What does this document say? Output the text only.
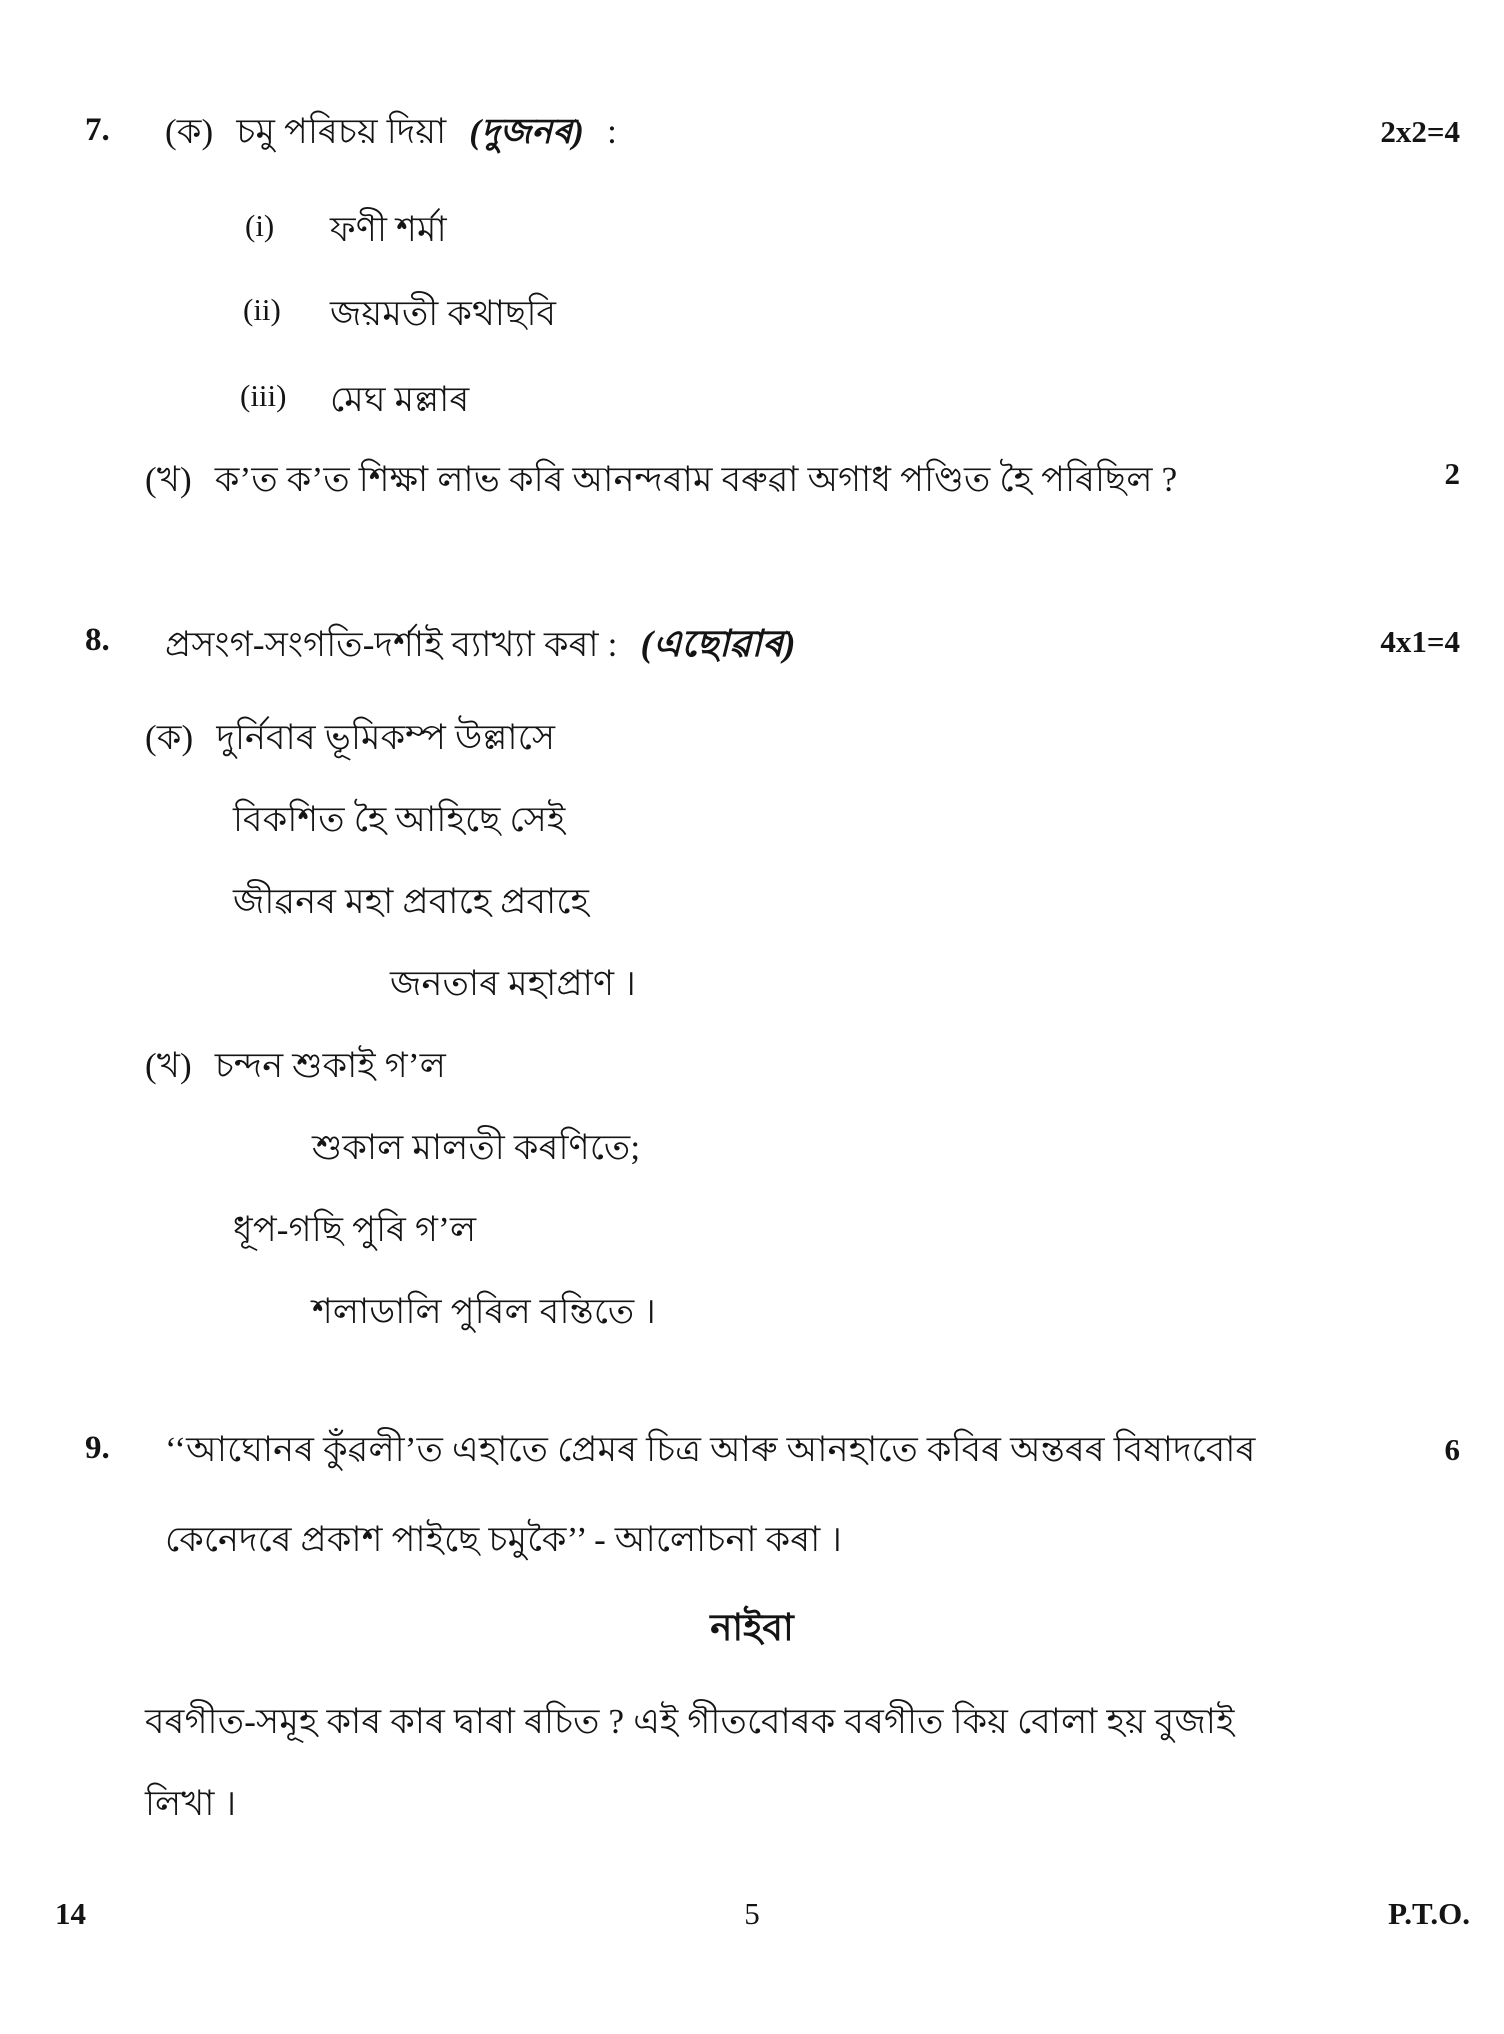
7. (ক) চমু পৰিচয় দিয়া (দুজনৰ) :	2x2=4
(i) ফণী শৰ্মা
(ii) জয়মতী কথাছবি
(iii) মেঘ মল্লাৰ
(খ) ক’ত ক’ত শিক্ষা লাভ কৰি আনন্দৰাম বৰুৱা অগাধ পণ্ডিত হৈ পৰিছিল ?	2
8. প্ৰসংগ-সংগতি-দৰ্শাই ব্যাখ্যা কৰা : (এছোৱাৰ)	4x1=4
(ক) দুৰ্নিবাৰ ভূমিকম্প উল্লাসে
বিকশিত হৈ আহিছে সেই
জীৱনৰ মহা প্ৰবাহে প্ৰবাহে
জনতাৰ মহাপ্ৰাণ ।
(খ) চন্দন শুকাই গ’ল
শুকাল মালতী কৰণিতে;
ধূপ-গছি পুৰি গ’ল
শলাডালি পুৰিল বন্তিতে ।
9. ‘‘আঘোনৰ কুঁৱলী’ত এহাতে প্ৰেমৰ চিত্ৰ আৰু আনহাতে কবিৰ অন্তৰৰ বিষাদবোৰ	6
কেনেদৰে প্ৰকাশ পাইছে চমুকৈ’’ - আলোচনা কৰা ।
নাইবা
বৰগীত-সমূহ কাৰ কাৰ দ্বাৰা ৰচিত ? এই গীতবোৰক বৰগীত কিয় বোলা হয় বুজাই
লিখা ।
14	5	P.T.O.
